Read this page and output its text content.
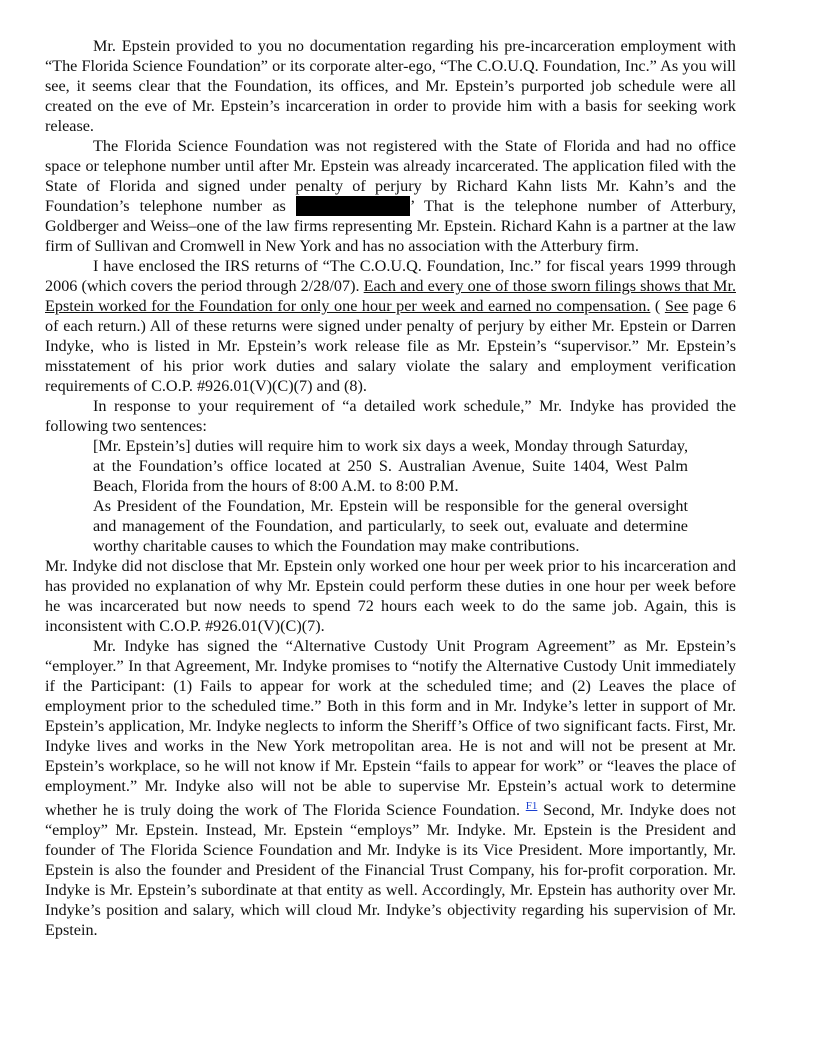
Mr. Epstein provided to you no documentation regarding his pre-incarceration employment with “The Florida Science Foundation” or its corporate alter-ego, “The C.O.U.Q. Foundation, Inc.” As you will see, it seems clear that the Foundation, its offices, and Mr. Epstein’s purported job schedule were all created on the eve of Mr. Epstein’s incarceration in order to provide him with a basis for seeking work release.

The Florida Science Foundation was not registered with the State of Florida and had no office space or telephone number until after Mr. Epstein was already incarcerated. The application filed with the State of Florida and signed under penalty of perjury by Richard Kahn lists Mr. Kahn’s and the Foundation’s telephone number as	’ That is the telephone number of Atterbury, Goldberger and Weiss–one of the law firms representing Mr. Epstein. Richard Kahn is a partner at the law firm of Sullivan and Cromwell in New York and has no association with the Atterbury firm.

I have enclosed the IRS returns of “The C.O.U.Q. Foundation, Inc.” for fiscal years 1999 through 2006 (which covers the period through 2/28/07). Each and every one of those sworn filings shows that Mr. Epstein worked for the Foundation for only one hour per week and earned no compensation. ( See page 6 of each return.) All of these returns were signed under penalty of perjury by either Mr. Epstein or Darren Indyke, who is listed in Mr. Epstein’s work release file as Mr. Epstein’s “supervisor.” Mr. Epstein’s misstatement of his prior work duties and salary violate the salary and employment verification requirements of C.O.P. #926.01(V)(C)(7) and (8).

In response to your requirement of “a detailed work schedule,” Mr. Indyke has provided the following two sentences:

[Mr. Epstein’s] duties will require him to work six days a week, Monday through Saturday, at the Foundation’s office located at 250 S. Australian Avenue, Suite 1404, West Palm Beach, Florida from the hours of 8:00 A.M. to 8:00 P.M.

As President of the Foundation, Mr. Epstein will be responsible for the general oversight and management of the Foundation, and particularly, to seek out, evaluate and determine worthy charitable causes to which the Foundation may make contributions.

Mr. Indyke did not disclose that Mr. Epstein only worked one hour per week prior to his incarceration and has provided no explanation of why Mr. Epstein could perform these duties in one hour per week before he was incarcerated but now needs to spend 72 hours each week to do the same job. Again, this is inconsistent with C.O.P. #926.01(V)(C)(7).

Mr. Indyke has signed the “Alternative Custody Unit Program Agreement” as Mr. Epstein’s “employer.” In that Agreement, Mr. Indyke promises to “notify the Alternative Custody Unit immediately if the Participant: (1) Fails to appear for work at the scheduled time; and (2) Leaves the place of employment prior to the scheduled time.” Both in this form and in Mr. Indyke’s letter in support of Mr. Epstein’s application, Mr. Indyke neglects to inform the Sheriff’s Office of two significant facts. First, Mr. Indyke lives and works in the New York metropolitan area. He is not and will not be present at Mr. Epstein’s workplace, so he will not know if Mr. Epstein “fails to appear for work” or “leaves the place of employment.” Mr. Indyke also will not be able to supervise Mr. Epstein’s actual work to determine whether he is truly doing the work of The Florida Science Foundation. $^{F1}$ Second, Mr. Indyke does not “employ” Mr. Epstein. Instead, Mr. Epstein “employs” Mr. Indyke. Mr. Epstein is the President and founder of The Florida Science Foundation and Mr. Indyke is its Vice President. More importantly, Mr. Epstein is also the founder and President of the Financial Trust Company, his for-profit corporation. Mr. Indyke is Mr. Epstein’s subordinate at that entity as well. Accordingly, Mr. Epstein has authority over Mr. Indyke’s position and salary, which will cloud Mr. Indyke’s objectivity regarding his supervision of Mr. Epstein.
